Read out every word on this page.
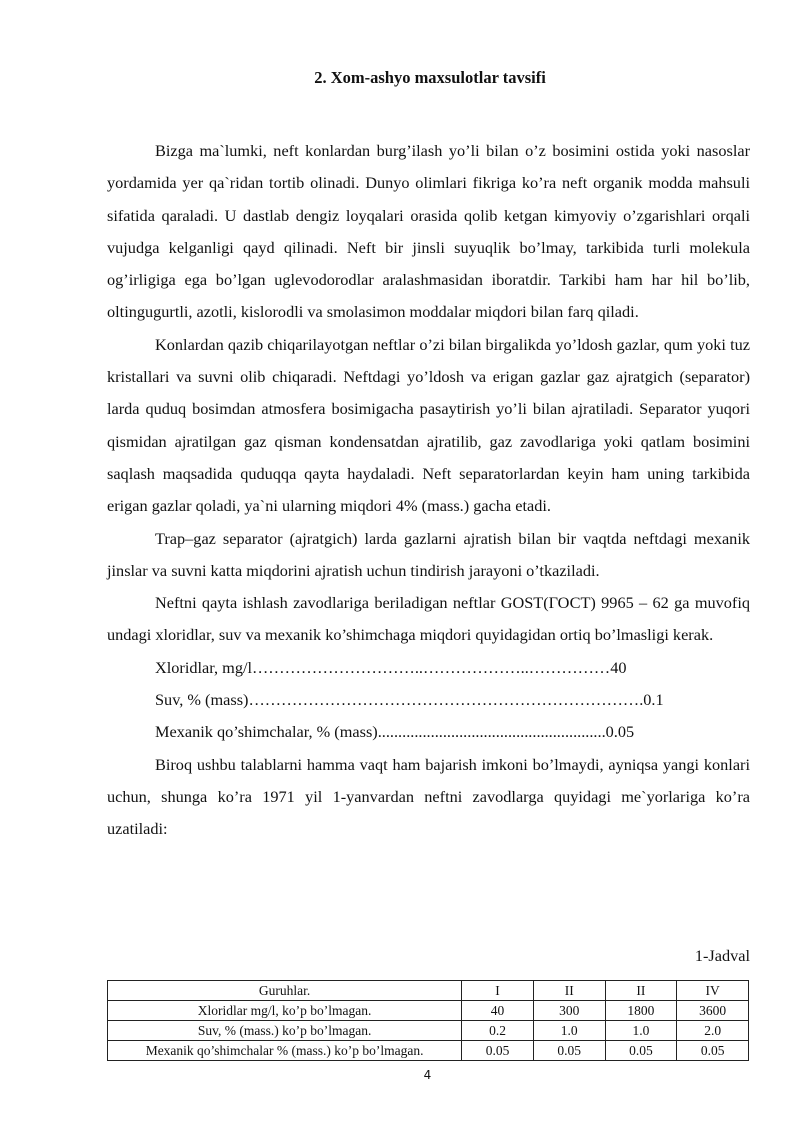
2. Xom-ashyo maxsulotlar tavsifi

Bizga ma`lumki, neft konlardan burg’ilash yo’li bilan o’z bosimini ostida yoki nasoslar yordamida yer qa`ridan tortib olinadi. Dunyo olimlari fikriga ko’ra neft organik modda mahsuli sifatida qaraladi. U dastlab dengiz loyqalari orasida qolib ketgan kimyoviy o’zgarishlari orqali vujudga kelganligi qayd qilinadi. Neft bir jinsli suyuqlik bo’lmay, tarkibida turli molekula og’irligiga ega bo’lgan uglevodorodlar aralashmasidan iboratdir. Tarkibi ham har hil bo’lib, oltingugurtli, azotli, kislorodli va smolasimon moddalar miqdori bilan farq qiladi.

Konlardan qazib chiqarilayotgan neftlar o’zi bilan birgalikda yo’ldosh gazlar, qum yoki tuz kristallari va suvni olib chiqaradi. Neftdagi yo’ldosh va erigan gazlar gaz ajratgich (separator) larda quduq bosimdan atmosfera bosimigacha pasaytirish yo’li bilan ajratiladi. Separator yuqori qismidan ajratilgan gaz qisman kondensatdan ajratilib, gaz zavodlariga yoki qatlam bosimini saqlash maqsadida quduqqa qayta haydaladi. Neft separatorlardan keyin ham uning tarkibida erigan gazlar qoladi, ya`ni ularning miqdori 4% (mass.) gacha etadi.

Trap–gaz separator (ajratgich) larda gazlarni ajratish bilan bir vaqtda neftdagi mexanik jinslar va suvni katta miqdorini ajratish uchun tindirish jarayoni o’tkaziladi.

Neftni qayta ishlash zavodlariga beriladigan neftlar GOST(ГОСТ) 9965 – 62 ga muvofiq undagi xloridlar, suv va mexanik ko’shimchaga miqdori quyidagidan ortiq bo’lmasligi kerak.

Xloridlar, mg/l…………………………..………………..……………40

Suv, % (mass)……………………………………………………………….0.1

Mexanik qo’shimchalar, % (mass)........................................................0.05

Biroq ushbu talablarni hamma vaqt ham bajarish imkoni bo’lmaydi, ayniqsa yangi konlari uchun, shunga ko’ra 1971 yil 1-yanvardan neftni zavodlarga quyidagi me`yorlariga ko’ra uzatiladi:

1-Jadval
Guruhlar.	I	II	II	IV
Xloridlar mg/l, ko’p bo’lmagan.	40	300	1800	3600
Suv, % (mass.) ko’p bo’lmagan.	0.2	1.0	1.0	2.0
Mexanik qo’shimchalar % (mass.) ko’p bo’lmagan.	0.05	0.05	0.05	0.05
4
